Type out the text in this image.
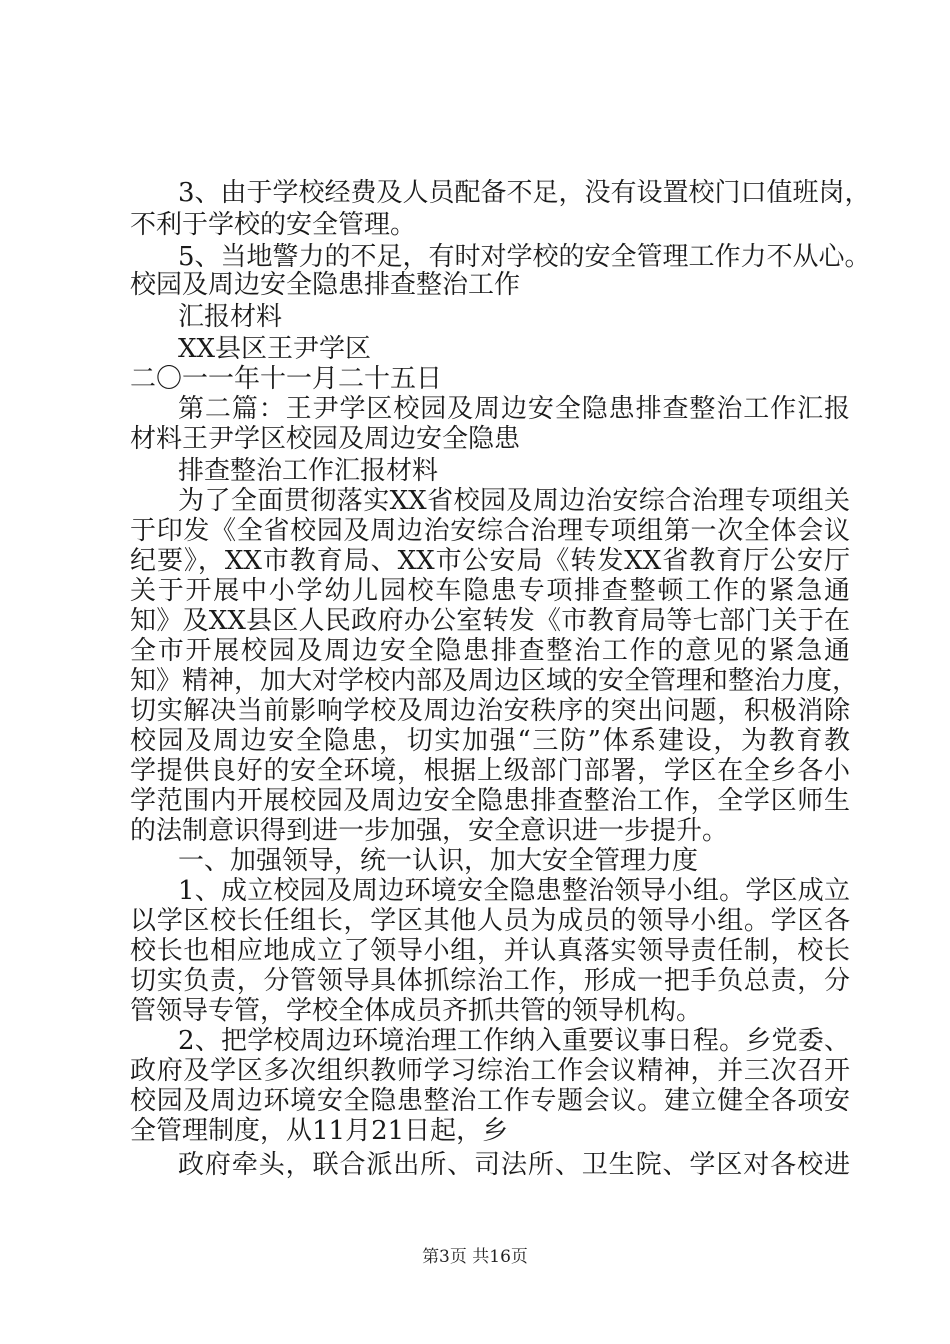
3、由于学校经费及人员配备不足，没有设置校门口值班岗，
不利于学校的安全管理。
5、当地警力的不足，有时对学校的安全管理工作力不从心。
校园及周边安全隐患排查整治工作
汇报材料
XX县区王尹学区
二〇一一年十一月二十五日
第二篇：王尹学区校园及周边安全隐患排查整治工作汇报
材料王尹学区校园及周边安全隐患
排查整治工作汇报材料
为了全面贯彻落实XX省校园及周边治安综合治理专项组关
于印发《全省校园及周边治安综合治理专项组第一次全体会议
纪要》，XX市教育局、XX市公安局《转发XX省教育厅公安厅
关于开展中小学幼儿园校车隐患专项排查整顿工作的紧急通
知》及XX县区人民政府办公室转发《市教育局等七部门关于在
全市开展校园及周边安全隐患排查整治工作的意见的紧急通
知》精神，加大对学校内部及周边区域的安全管理和整治力度，
切实解决当前影响学校及周边治安秩序的突出问题，积极消除
校园及周边安全隐患，切实加强“三防”体系建设，为教育教
学提供良好的安全环境，根据上级部门部署，学区在全乡各小
学范围内开展校园及周边安全隐患排查整治工作，全学区师生
的法制意识得到进一步加强，安全意识进一步提升。
一、加强领导，统一认识，加大安全管理力度
1、成立校园及周边环境安全隐患整治领导小组。学区成立
以学区校长任组长，学区其他人员为成员的领导小组。学区各
校长也相应地成立了领导小组，并认真落实领导责任制，校长
切实负责，分管领导具体抓综治工作，形成一把手负总责，分
管领导专管，学校全体成员齐抓共管的领导机构。
2、把学校周边环境治理工作纳入重要议事日程。乡党委、
政府及学区多次组织教师学习综治工作会议精神，并三次召开
校园及周边环境安全隐患整治工作专题会议。建立健全各项安
全管理制度，从11月21日起，乡
政府牵头，联合派出所、司法所、卫生院、学区对各校进
第3页 共16页
